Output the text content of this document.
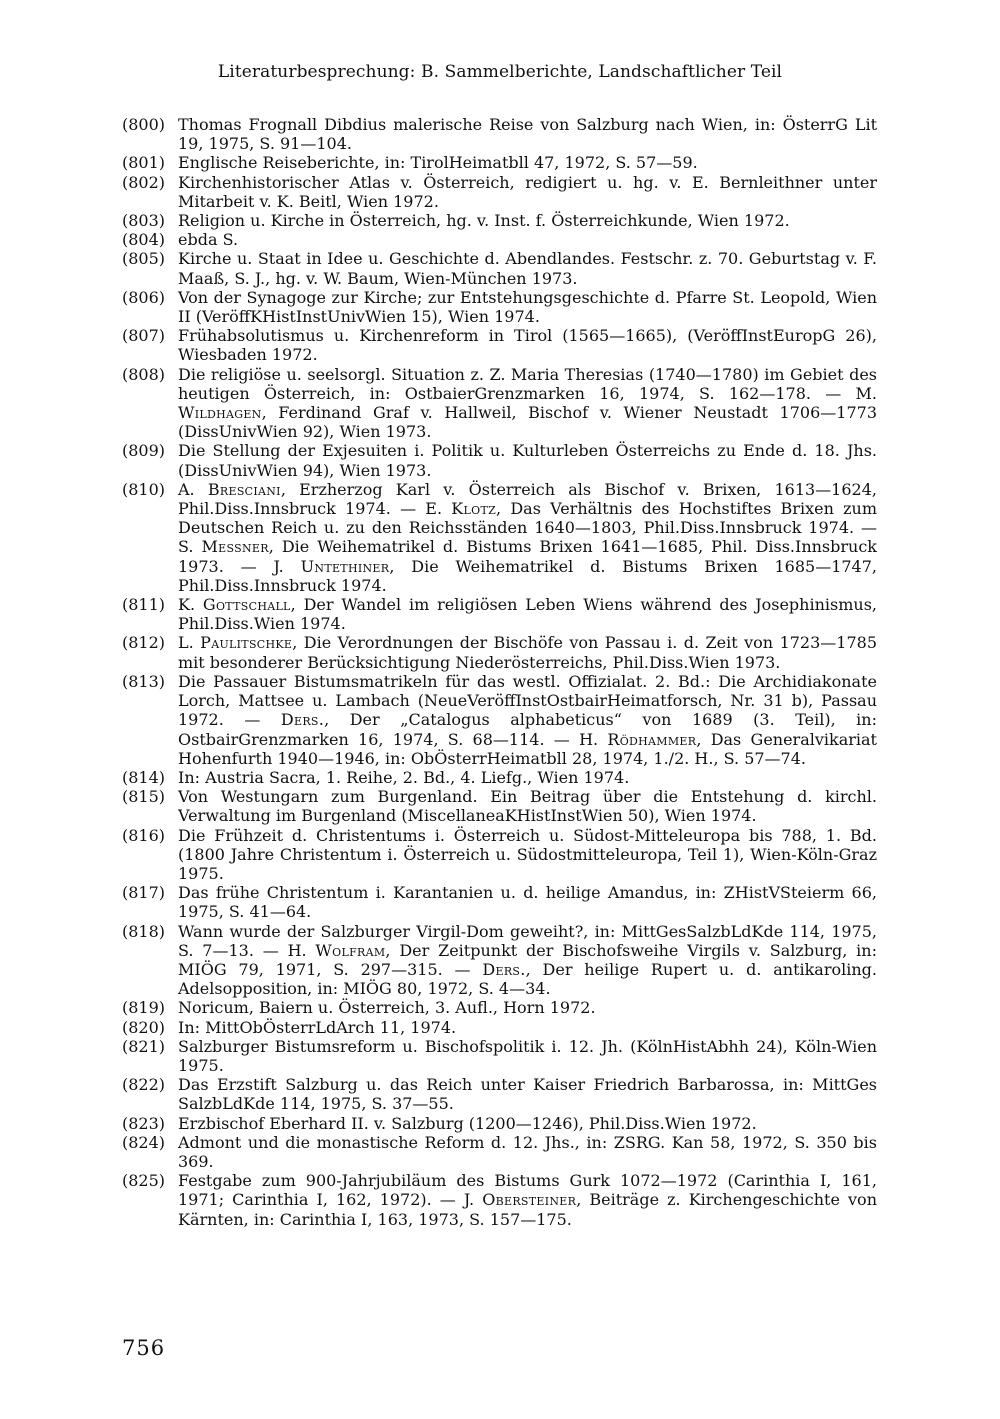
Literaturbesprechung: B. Sammelberichte, Landschaftlicher Teil
(800) Thomas Frognall Dibdius malerische Reise von Salzburg nach Wien, in: ÖsterrG Lit 19, 1975, S. 91—104.
(801) Englische Reiseberichte, in: TirolHeimatbll 47, 1972, S. 57—59.
(802) Kirchenhistorischer Atlas v. Österreich, redigiert u. hg. v. E. Bernleithner unter Mitarbeit v. K. Beitl, Wien 1972.
(803) Religion u. Kirche in Österreich, hg. v. Inst. f. Österreichkunde, Wien 1972.
(804) ebda S.
(805) Kirche u. Staat in Idee u. Geschichte d. Abendlandes. Festschr. z. 70. Geburtstag v. F. Maaß, S. J., hg. v. W. Baum, Wien-München 1973.
(806) Von der Synagoge zur Kirche; zur Entstehungsgeschichte d. Pfarre St. Leopold, Wien II (VeröffKHistInstUnivWien 15), Wien 1974.
(807) Frühabsolutismus u. Kirchenreform in Tirol (1565—1665), (VeröffInstEuropG 26), Wiesbaden 1972.
(808) Die religiöse u. seelsorgl. Situation z. Z. Maria Theresias (1740—1780) im Gebiet des heutigen Österreich, in: OstbaierGrenzmarken 16, 1974, S. 162—178. — M. Wildhagen, Ferdinand Graf v. Hallweil, Bischof v. Wiener Neustadt 1706—1773 (DissUnivWien 92), Wien 1973.
(809) Die Stellung der Exjesuiten i. Politik u. Kulturleben Österreichs zu Ende d. 18. Jhs. (DissUnivWien 94), Wien 1973.
(810) A. Bresciani, Erzherzog Karl v. Österreich als Bischof v. Brixen, 1613—1624, Phil.Diss.Innsbruck 1974. — E. Klotz, Das Verhältnis des Hochstiftes Brixen zum Deutschen Reich u. zu den Reichsständen 1640—1803, Phil.Diss.Innsbruck 1974. — S. Messner, Die Weihematrikel d. Bistums Brixen 1641—1685, Phil. Diss.Innsbruck 1973. — J. Untethiner, Die Weihematrikel d. Bistums Brixen 1685—1747, Phil.Diss.Innsbruck 1974.
(811) K. Gottschall, Der Wandel im religiösen Leben Wiens während des Josephinismus, Phil.Diss.Wien 1974.
(812) L. Paulitschke, Die Verordnungen der Bischöfe von Passau i. d. Zeit von 1723—1785 mit besonderer Berücksichtigung Niederösterreichs, Phil.Diss.Wien 1973.
(813) Die Passauer Bistumsmatrikeln für das westl. Offizialat. 2. Bd.: Die Archidiakonate Lorch, Mattsee u. Lambach (NeueVeröffInstOstbairHeimatforsch, Nr. 31 b), Passau 1972. — Ders., Der „Catalogus alphabeticus“ von 1689 (3. Teil), in: OstbairGrenzmarken 16, 1974, S. 68—114. — H. Rödhammer, Das Generalvikariat Hohenfurth 1940—1946, in: ObÖsterrHeimatbll 28, 1974, 1./2. H., S. 57—74.
(814) In: Austria Sacra, 1. Reihe, 2. Bd., 4. Liefg., Wien 1974.
(815) Von Westungarn zum Burgenland. Ein Beitrag über die Entstehung d. kirchl. Verwaltung im Burgenland (MiscellaneaKHistInstWien 50), Wien 1974.
(816) Die Frühzeit d. Christentums i. Österreich u. Südost-Mitteleuropa bis 788, 1. Bd. (1800 Jahre Christentum i. Österreich u. Südostmitteleuropa, Teil 1), Wien-Köln-Graz 1975.
(817) Das frühe Christentum i. Karantanien u. d. heilige Amandus, in: ZHistVSteierm 66, 1975, S. 41—64.
(818) Wann wurde der Salzburger Virgil-Dom geweiht?, in: MittGesSalzbLdKde 114, 1975, S. 7—13. — H. Wolfram, Der Zeitpunkt der Bischofsweihe Virgils v. Salzburg, in: MIÖG 79, 1971, S. 297—315. — Ders., Der heilige Rupert u. d. antikaroling. Adelsopposition, in: MIÖG 80, 1972, S. 4—34.
(819) Noricum, Baiern u. Österreich, 3. Aufl., Horn 1972.
(820) In: MittObÖsterrLdArch 11, 1974.
(821) Salzburger Bistumsreform u. Bischofspolitik i. 12. Jh. (KölnHistAbhh 24), Köln-Wien 1975.
(822) Das Erzstift Salzburg u. das Reich unter Kaiser Friedrich Barbarossa, in: MittGes SalzbLdKde 114, 1975, S. 37—55.
(823) Erzbischof Eberhard II. v. Salzburg (1200—1246), Phil.Diss.Wien 1972.
(824) Admont und die monastische Reform d. 12. Jhs., in: ZSRG. Kan 58, 1972, S. 350 bis 369.
(825) Festgabe zum 900-Jahrjubiläum des Bistums Gurk 1072—1972 (Carinthia I, 161, 1971; Carinthia I, 162, 1972). — J. Obersteiner, Beiträge z. Kirchengeschichte von Kärnten, in: Carinthia I, 163, 1973, S. 157—175.
756
